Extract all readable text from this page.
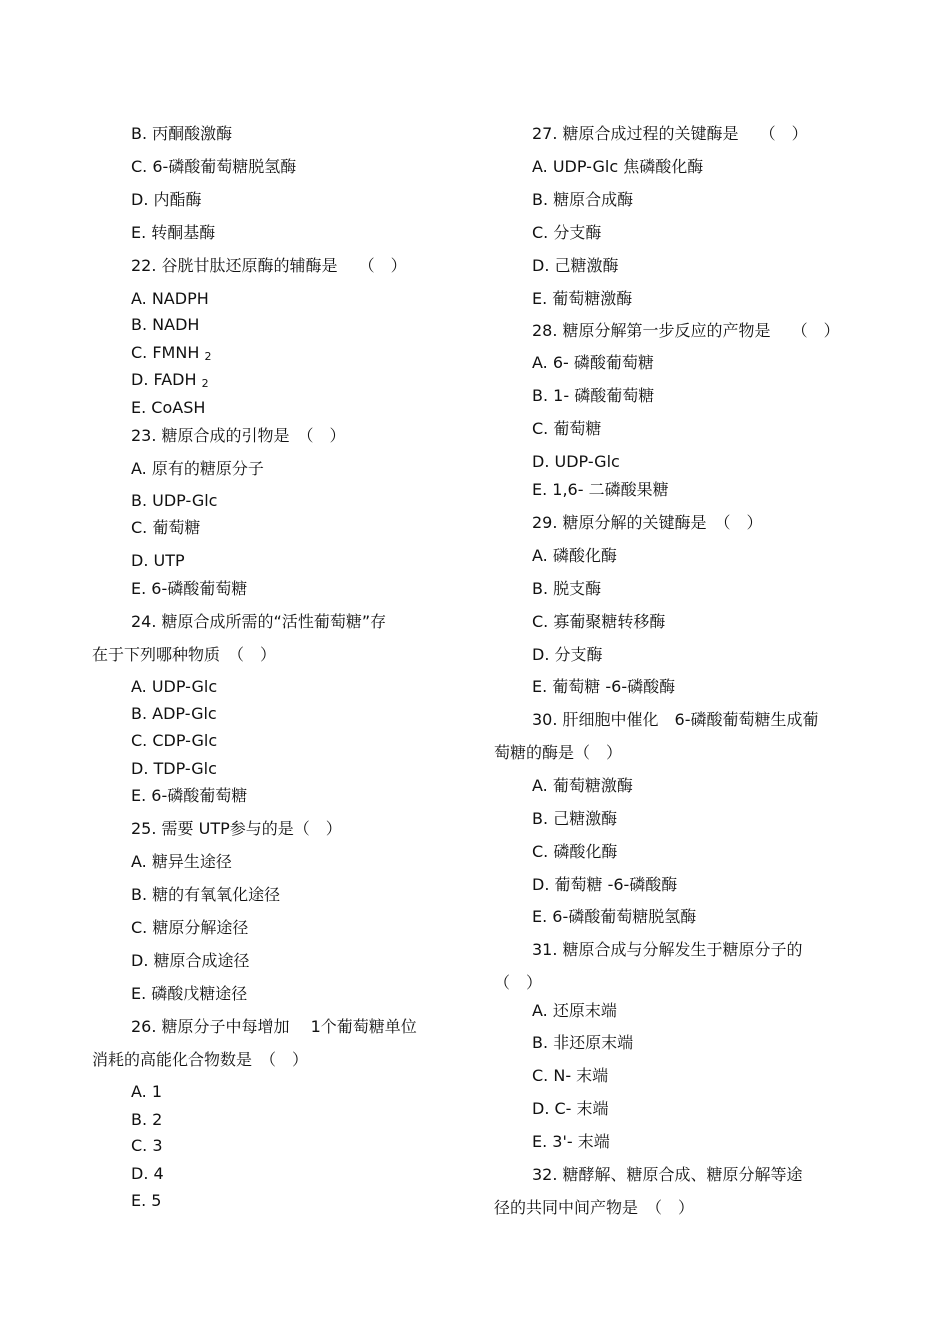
B. 丙酮酸激酶
C. 6-磷酸葡萄糖脱氢酶
D. 内酯酶
E. 转酮基酶
22. 谷胱甘肽还原酶的辅酶是　 （　）
A. NADPH
B. NADH
C. FMNH 2
D. FADH 2
E. CoASH
23. 糖原合成的引物是　（　）
A. 原有的糖原分子
B. UDP-Glc
C. 葡萄糖
D. UTP
E. 6-磷酸葡萄糖
24. 糖原合成所需的“活性葡萄糖”存
在于下列哪种物质　（　）
A. UDP-Glc
B. ADP-Glc
C. CDP-Glc
D. TDP-Glc
E. 6-磷酸葡萄糖
25. 需要 UTP参与的是（　）
A. 糖异生途径
B. 糖的有氧氧化途径
C. 糖原分解途径
D. 糖原合成途径
E. 磷酸戊糖途径
26. 糖原分子中每增加　 1个葡萄糖单位
消耗的高能化合物数是　（　）
A. 1
B. 2
C. 3
D. 4
E. 5
27. 糖原合成过程的关键酶是　 （　）
A. UDP-Glc 焦磷酸化酶
B. 糖原合成酶
C. 分支酶
D. 己糖激酶
E. 葡萄糖激酶
28. 糖原分解第一步反应的产物是　 （　）
A. 6- 磷酸葡萄糖
B. 1- 磷酸葡萄糖
C. 葡萄糖
D. UDP-Glc
E. 1,6- 二磷酸果糖
29. 糖原分解的关键酶是　（　）
A. 磷酸化酶
B. 脱支酶
C. 寡葡聚糖转移酶
D. 分支酶
E. 葡萄糖 -6-磷酸酶
30. 肝细胞中催化　6-磷酸葡萄糖生成葡
萄糖的酶是（　）
A. 葡萄糖激酶
B. 己糖激酶
C. 磷酸化酶
D. 葡萄糖 -6-磷酸酶
E. 6-磷酸葡萄糖脱氢酶
31. 糖原合成与分解发生于糖原分子的
（　）
A. 还原末端
B. 非还原末端
C. N- 末端
D. C- 末端
E. 3'- 末端
32. 糖酵解、糖原合成、糖原分解等途
径的共同中间产物是　（　）
